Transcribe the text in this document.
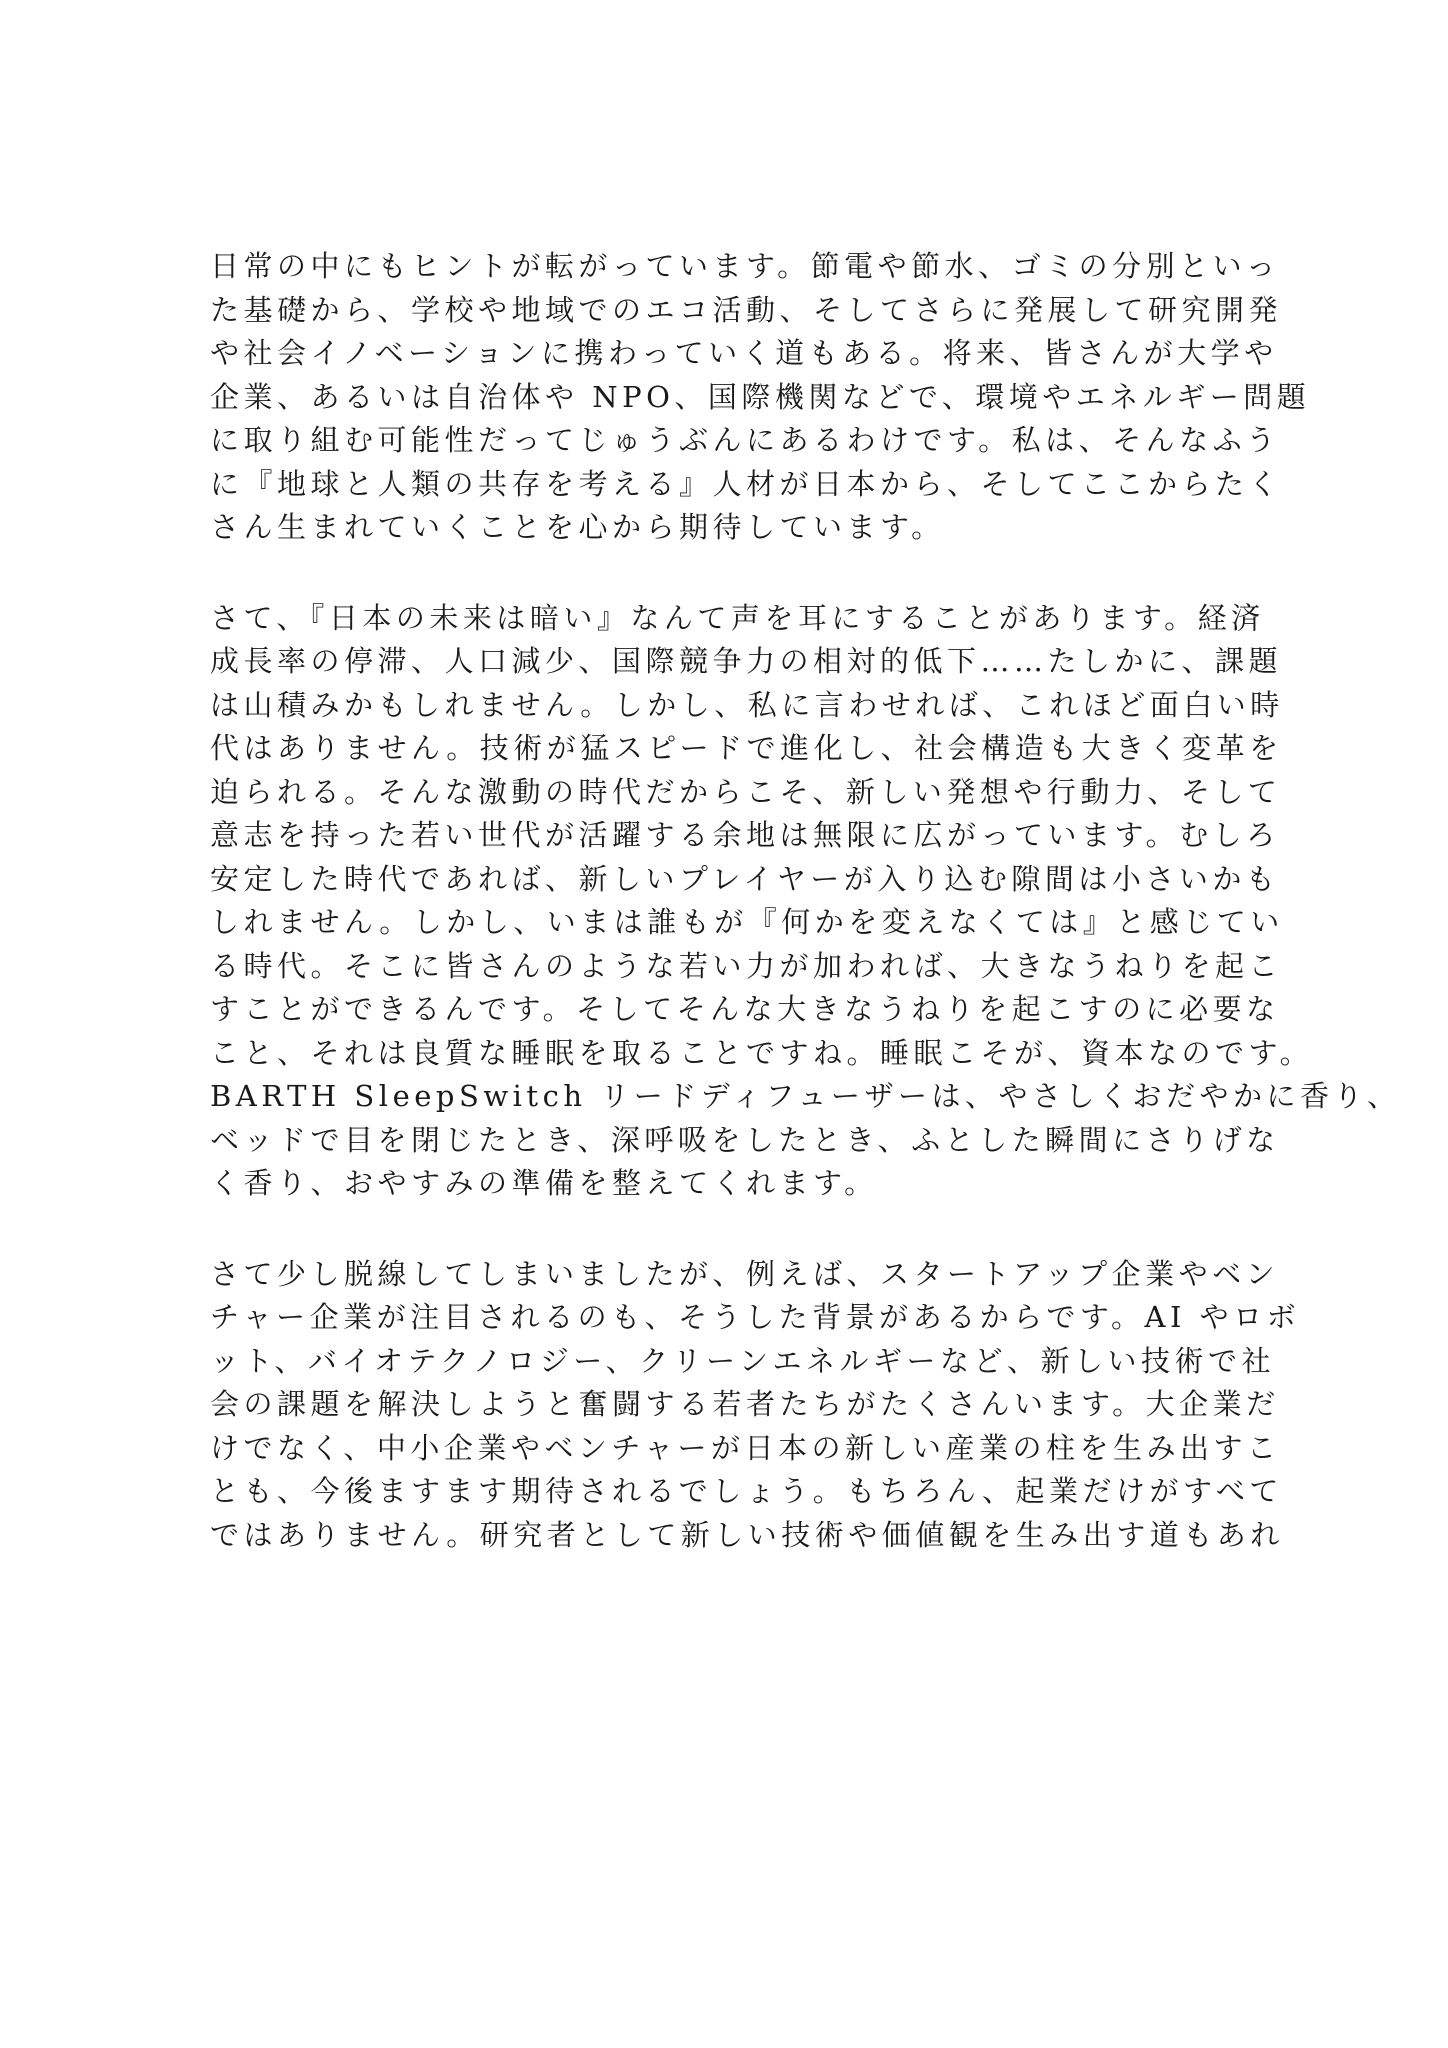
日常の中にもヒントが転がっています。節電や節水、ゴミの分別といっ
た基礎から、学校や地域でのエコ活動、そしてさらに発展して研究開発
や社会イノベーションに携わっていく道もある。将来、皆さんが大学や
企業、あるいは自治体や NPO、国際機関などで、環境やエネルギー問題
に取り組む可能性だってじゅうぶんにあるわけです。私は、そんなふう
に『地球と人類の共存を考える』人材が日本から、そしてここからたく
さん生まれていくことを心から期待しています。
さて、『日本の未来は暗い』なんて声を耳にすることがあります。経済
成長率の停滞、人口減少、国際競争力の相対的低下……たしかに、課題
は山積みかもしれません。しかし、私に言わせれば、これほど面白い時
代はありません。技術が猛スピードで進化し、社会構造も大きく変革を
迫られる。そんな激動の時代だからこそ、新しい発想や行動力、そして
意志を持った若い世代が活躍する余地は無限に広がっています。むしろ
安定した時代であれば、新しいプレイヤーが入り込む隙間は小さいかも
しれません。しかし、いまは誰もが『何かを変えなくては』と感じてい
る時代。そこに皆さんのような若い力が加われば、大きなうねりを起こ
すことができるんです。そしてそんな大きなうねりを起こすのに必要な
こと、それは良質な睡眠を取ることですね。睡眠こそが、資本なのです。
BARTH SleepSwitch リードディフューザーは、やさしくおだやかに香り、
ベッドで目を閉じたとき、深呼吸をしたとき、ふとした瞬間にさりげな
く香り、おやすみの準備を整えてくれます。
さて少し脱線してしまいましたが、例えば、スタートアップ企業やベン
チャー企業が注目されるのも、そうした背景があるからです。AI やロボ
ット、バイオテクノロジー、クリーンエネルギーなど、新しい技術で社
会の課題を解決しようと奮闘する若者たちがたくさんいます。大企業だ
けでなく、中小企業やベンチャーが日本の新しい産業の柱を生み出すこ
とも、今後ますます期待されるでしょう。もちろん、起業だけがすべて
ではありません。研究者として新しい技術や価値観を生み出す道もあれ
